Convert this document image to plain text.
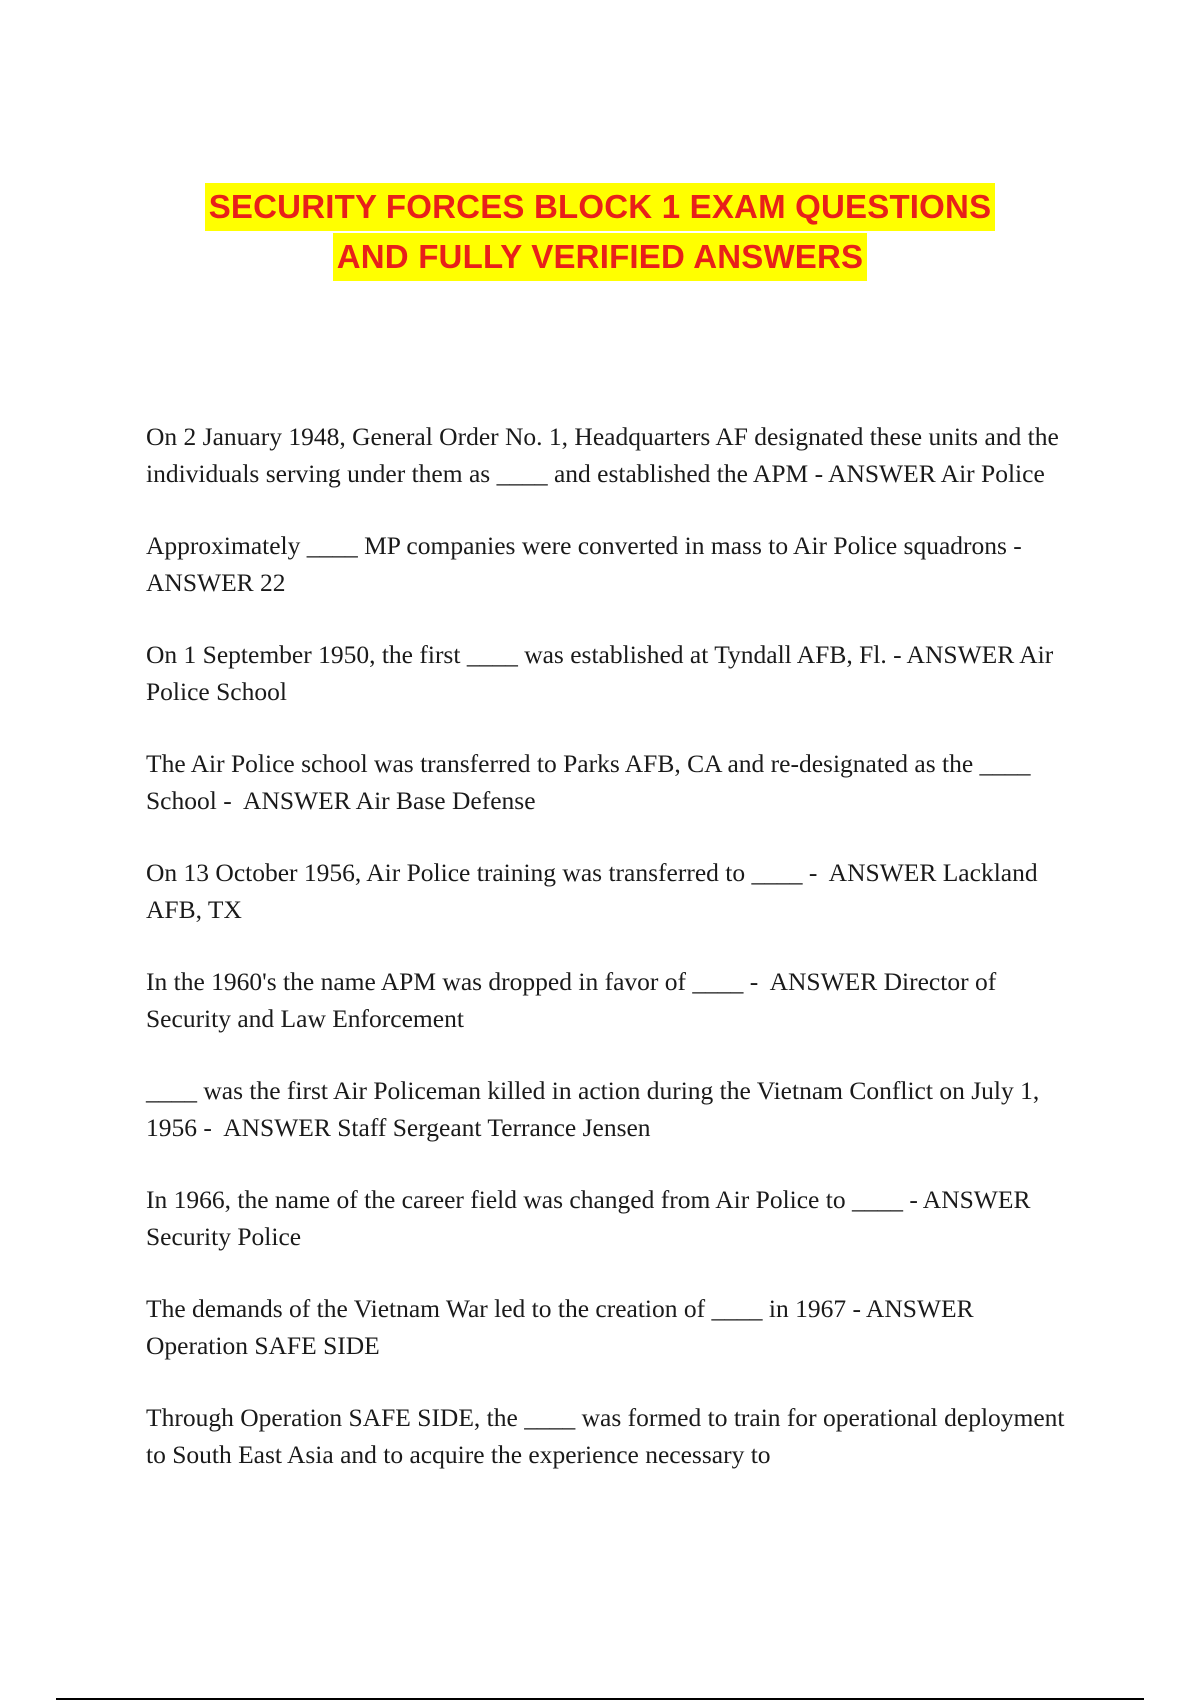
SECURITY FORCES BLOCK 1 EXAM QUESTIONS
AND FULLY VERIFIED ANSWERS

On 2 January 1948, General Order No. 1, Headquarters AF designated these units and the individuals serving under them as ____ and established the APM - ANSWER Air Police

Approximately ____ MP companies were converted in mass to Air Police squadrons -  ANSWER 22

On 1 September 1950, the first ____ was established at Tyndall AFB, Fl. - ANSWER Air Police School

The Air Police school was transferred to Parks AFB, CA and re-designated as the ____ School -  ANSWER Air Base Defense

On 13 October 1956, Air Police training was transferred to ____ -  ANSWER Lackland AFB, TX

In the 1960's the name APM was dropped in favor of ____ -  ANSWER Director of Security and Law Enforcement

____ was the first Air Policeman killed in action during the Vietnam Conflict on July 1, 1956 -  ANSWER Staff Sergeant Terrance Jensen

In 1966, the name of the career field was changed from Air Police to ____ - ANSWER Security Police

The demands of the Vietnam War led to the creation of ____ in 1967 - ANSWER Operation SAFE SIDE

Through Operation SAFE SIDE, the ____ was formed to train for operational deployment to South East Asia and to acquire the experience necessary to
